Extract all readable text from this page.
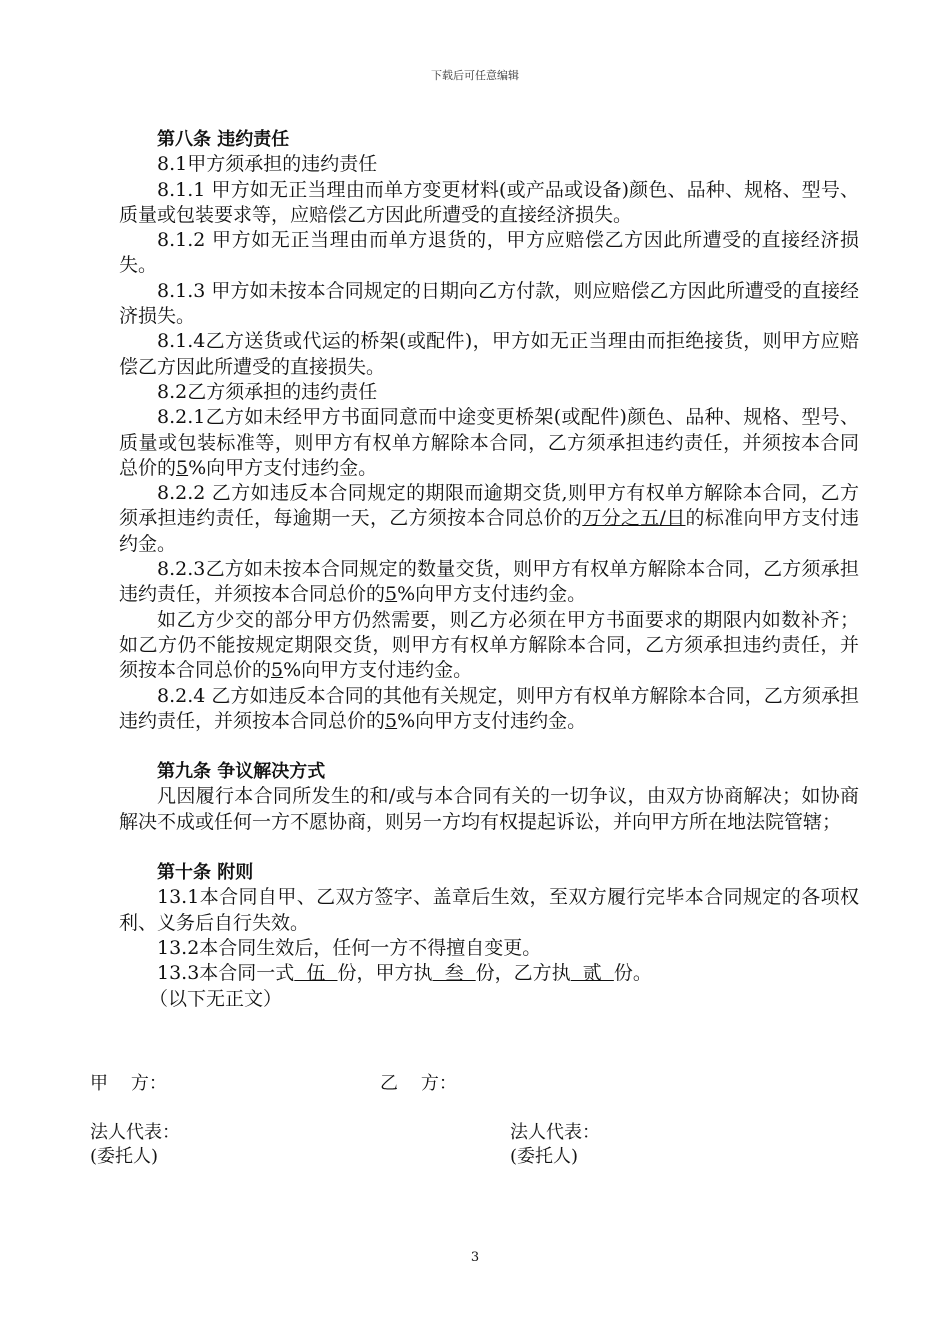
下载后可任意编辑

第八条 违约责任

8.1甲方须承担的违约责任

8.1.1 甲方如无正当理由而单方变更材料(或产品或设备)颜色、品种、规格、型号、质量或包装要求等，应赔偿乙方因此所遭受的直接经济损失。

8.1.2 甲方如无正当理由而单方退货的，甲方应赔偿乙方因此所遭受的直接经济损失。

8.1.3 甲方如未按本合同规定的日期向乙方付款，则应赔偿乙方因此所遭受的直接经济损失。

8.1.4乙方送货或代运的桥架(或配件)，甲方如无正当理由而拒绝接货，则甲方应赔偿乙方因此所遭受的直接损失。

8.2乙方须承担的违约责任

8.2.1乙方如未经甲方书面同意而中途变更桥架(或配件)颜色、品种、规格、型号、质量或包装标准等，则甲方有权单方解除本合同，乙方须承担违约责任，并须按本合同总价的5%向甲方支付违约金。

8.2.2 乙方如违反本合同规定的期限而逾期交货,则甲方有权单方解除本合同，乙方须承担违约责任，每逾期一天，乙方须按本合同总价的万分之五/日的标准向甲方支付违约金。

8.2.3乙方如未按本合同规定的数量交货，则甲方有权单方解除本合同，乙方须承担违约责任，并须按本合同总价的5%向甲方支付违约金。

如乙方少交的部分甲方仍然需要，则乙方必须在甲方书面要求的期限内如数补齐；如乙方仍不能按规定期限交货，则甲方有权单方解除本合同，乙方须承担违约责任，并须按本合同总价的5%向甲方支付违约金。

8.2.4 乙方如违反本合同的其他有关规定，则甲方有权单方解除本合同，乙方须承担违约责任，并须按本合同总价的5%向甲方支付违约金。

第九条 争议解决方式

凡因履行本合同所发生的和/或与本合同有关的一切争议，由双方协商解决；如协商解决不成或任何一方不愿协商，则另一方均有权提起诉讼，并向甲方所在地法院管辖；

第十条 附则

13.1本合同自甲、乙双方签字、盖章后生效，至双方履行完毕本合同规定的各项权利、义务后自行失效。

13.2本合同生效后，任何一方不得擅自变更。

13.3本合同一式  伍  份，甲方执  叁  份，乙方执  贰  份。

（以下无正文）

甲    方：	乙    方：
法人代表：	法人代表：
(委托人)	(委托人)
3
